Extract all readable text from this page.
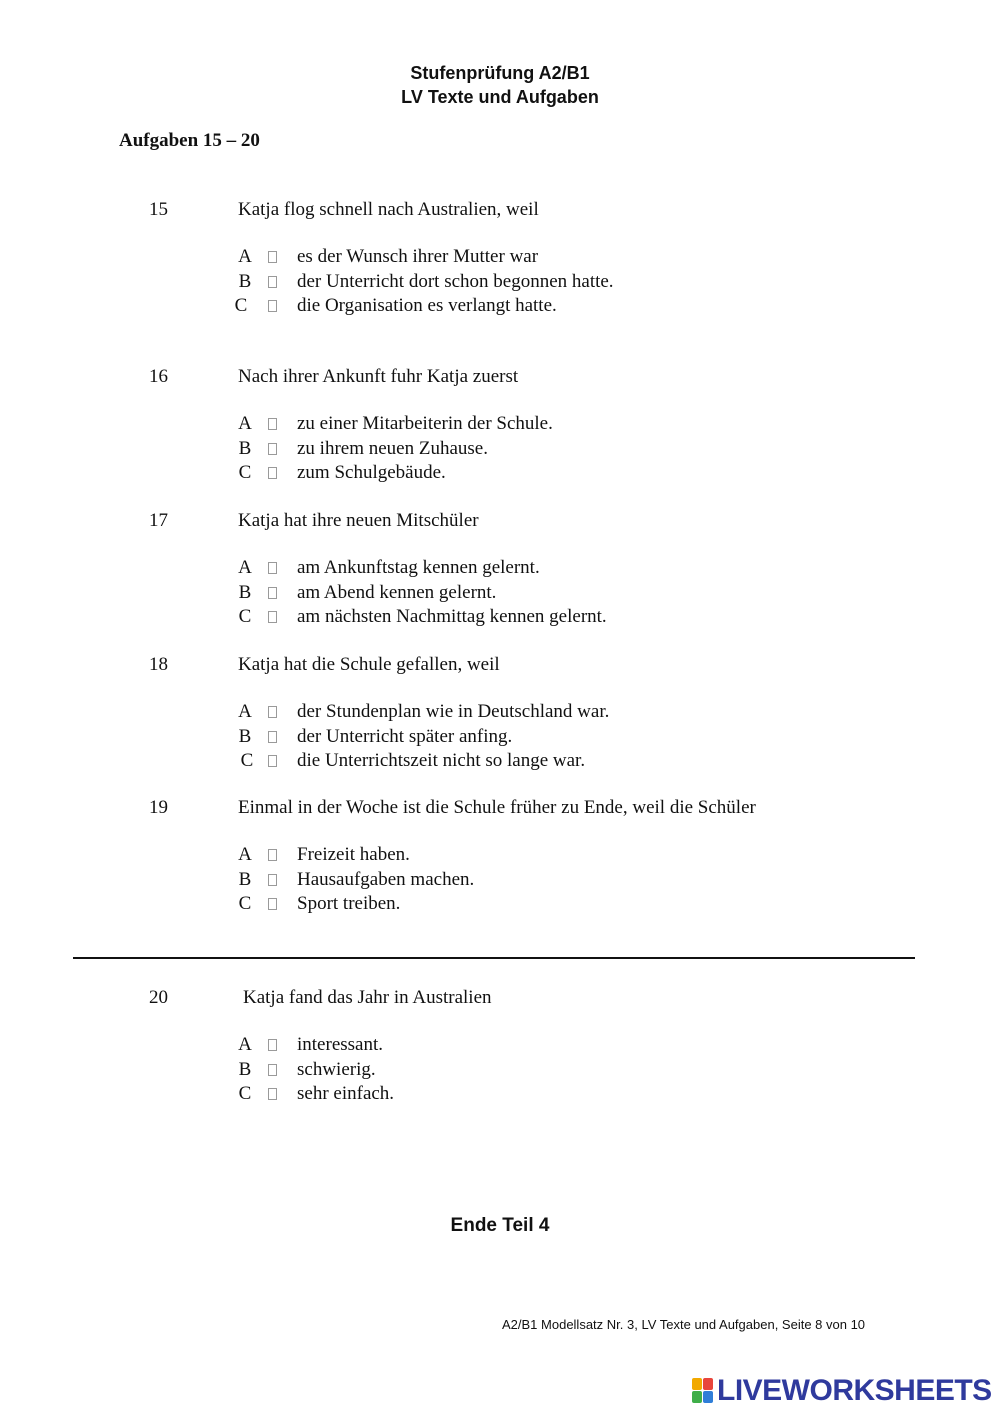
Stufenprüfung A2/B1
LV Texte und Aufgaben
Aufgaben 15 – 20
15	Katja flog schnell nach Australien, weil
A es der Wunsch ihrer Mutter war
B der Unterricht dort schon begonnen hatte.
C	die Organisation es verlangt hatte.
16	Nach ihrer Ankunft fuhr Katja zuerst
A zu einer Mitarbeiterin der Schule.
B zu ihrem neuen Zuhause.
C zum Schulgebäude.
17	Katja hat ihre neuen Mitschüler
A am Ankunftstag kennen gelernt.
B am Abend kennen gelernt.
C am nächsten Nachmittag kennen gelernt.
18	Katja hat die Schule gefallen, weil
A der Stundenplan wie in Deutschland war.
B der Unterricht später anfing.
C die Unterrichtszeit nicht so lange war.
19	Einmal in der Woche ist die Schule früher zu Ende, weil die Schüler
A Freizeit haben.
B Hausaufgaben machen.
C Sport treiben.
20	Katja fand das Jahr in Australien
A interessant.
B schwierig.
C sehr einfach.
Ende Teil 4
A2/B1 Modellsatz Nr. 3, LV Texte und Aufgaben, Seite 8 von 10
LIVEWORKSHEETS
